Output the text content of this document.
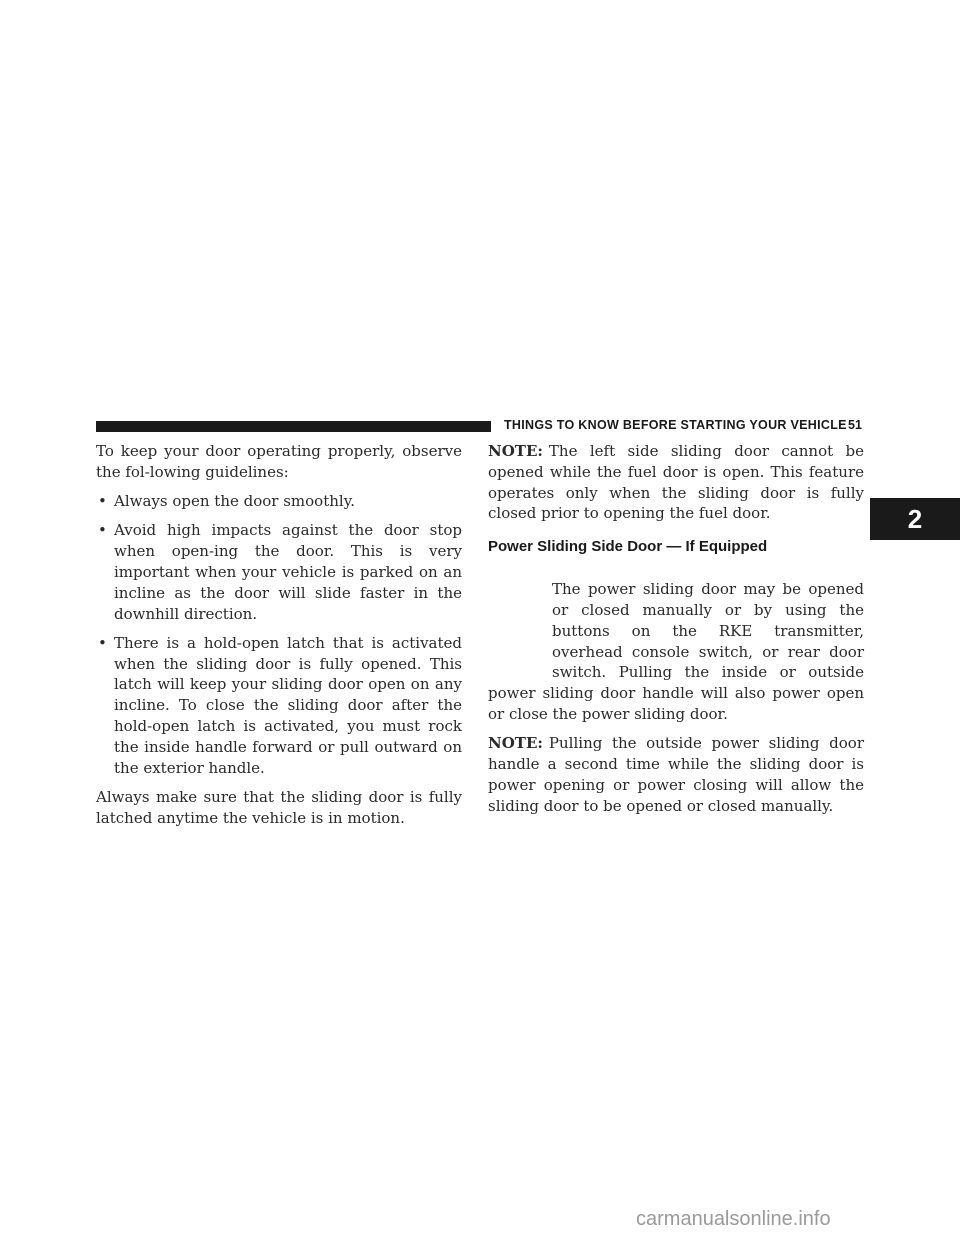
THINGS TO KNOW BEFORE STARTING YOUR VEHICLE 51
2

To keep your door operating properly, observe the fol-lowing guidelines:

• Always open the door smoothly.
• Avoid high impacts against the door stop when open-ing the door. This is very important when your vehicle is parked on an incline as the door will slide faster in the downhill direction.
• There is a hold-open latch that is activated when the sliding door is fully opened. This latch will keep your sliding door open on any incline. To close the sliding door after the hold-open latch is activated, you must rock the inside handle forward or pull outward on the exterior handle.

Always make sure that the sliding door is fully latched anytime the vehicle is in motion.

NOTE: The left side sliding door cannot be opened while the fuel door is open. This feature operates only when the sliding door is fully closed prior to opening the fuel door.

Power Sliding Side Door — If Equipped

The power sliding door may be opened or closed manually or by using the buttons on the RKE transmitter, overhead console switch, or rear door switch. Pulling the inside or outside power sliding door handle will also power open or close the power sliding door.

NOTE: Pulling the outside power sliding door handle a second time while the sliding door is power opening or power closing will allow the sliding door to be opened or closed manually.

carmanualsonline.info
